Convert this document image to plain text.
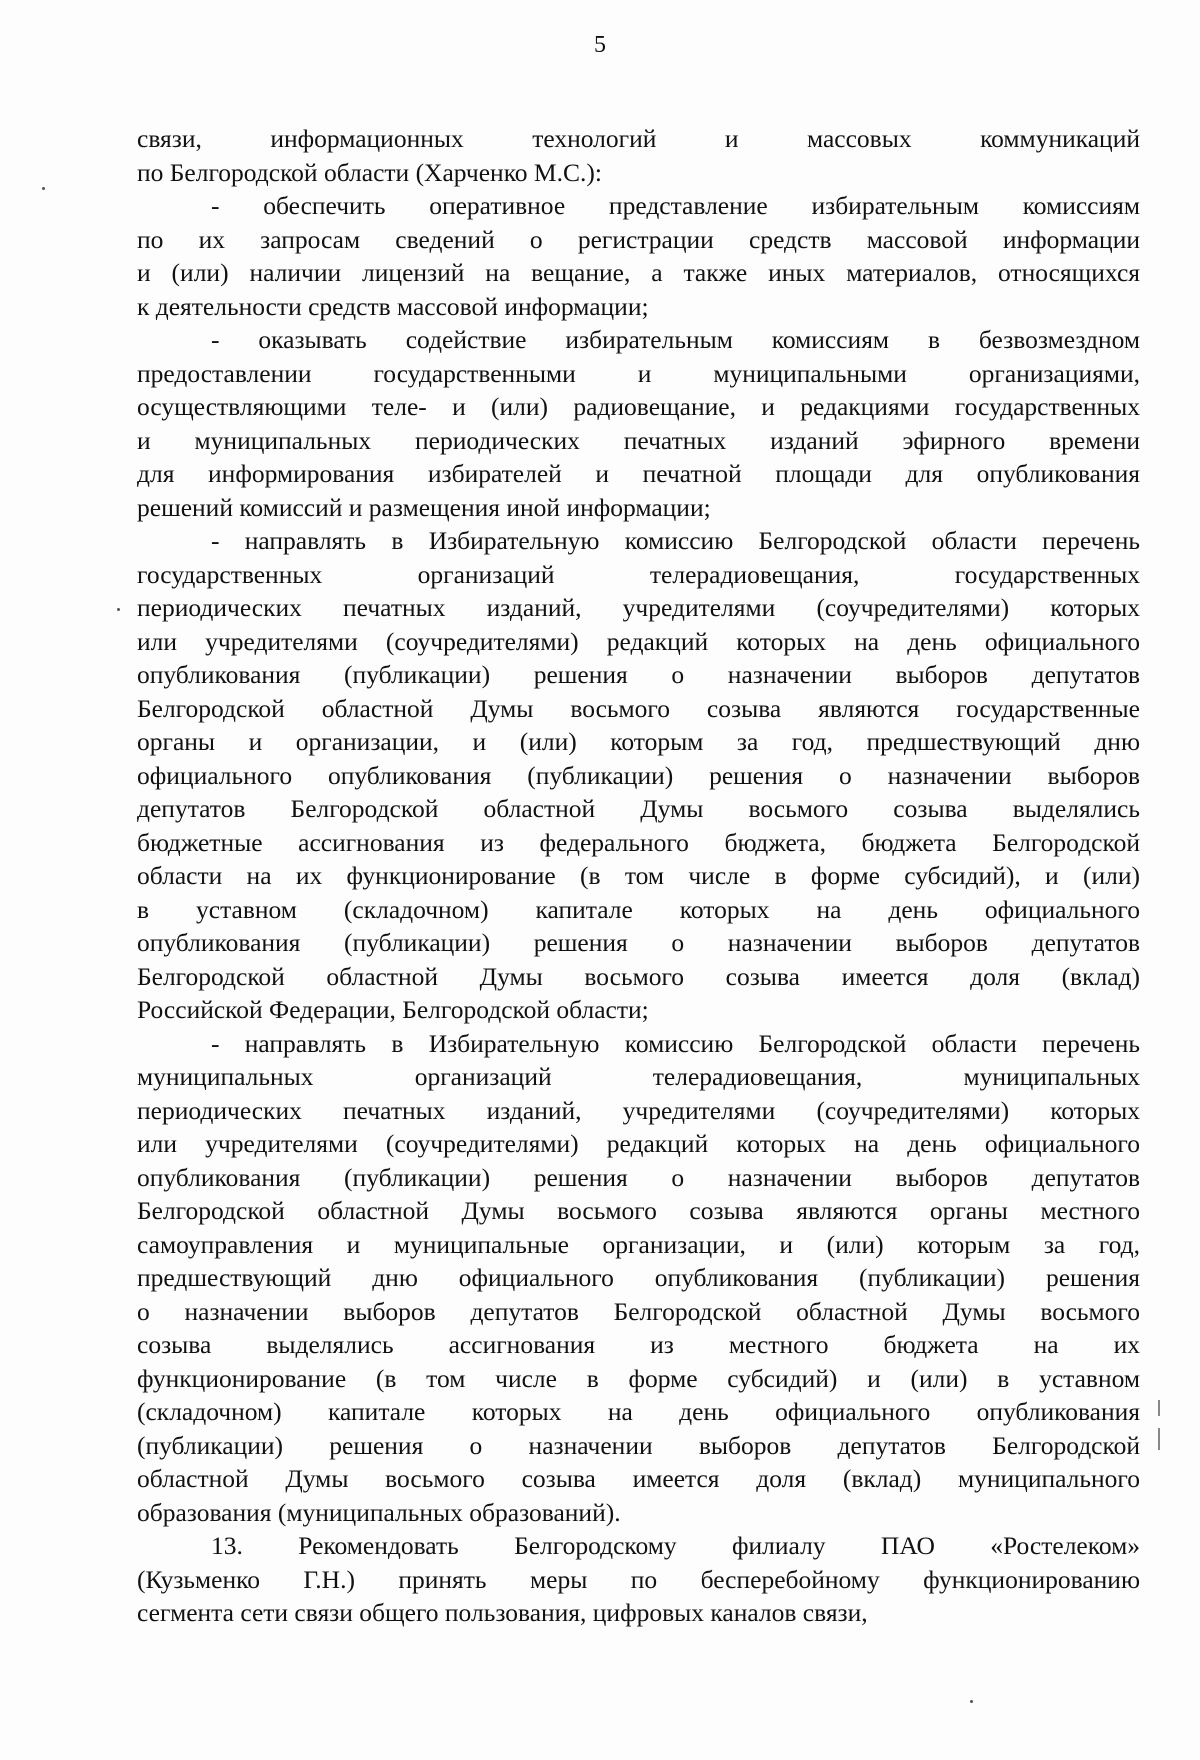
5
связи, информационных технологий и массовых коммуникаций
по Белгородской области (Харченко М.С.):
- обеспечить оперативное представление избирательным комиссиям
по их запросам сведений о регистрации средств массовой информации
и (или) наличии лицензий на вещание, а также иных материалов, относящихся
к деятельности средств массовой информации;
- оказывать содействие избирательным комиссиям в безвозмездном
предоставлении государственными и муниципальными организациями,
осуществляющими теле- и (или) радиовещание, и редакциями государственных
и муниципальных периодических печатных изданий эфирного времени
для информирования избирателей и печатной площади для опубликования
решений комиссий и размещения иной информации;
- направлять в Избирательную комиссию Белгородской области перечень
государственных организаций телерадиовещания, государственных
периодических печатных изданий, учредителями (соучредителями) которых
или учредителями (соучредителями) редакций которых на день официального
опубликования (публикации) решения о назначении выборов депутатов
Белгородской областной Думы восьмого созыва являются государственные
органы и организации, и (или) которым за год, предшествующий дню
официального опубликования (публикации) решения о назначении выборов
депутатов Белгородской областной Думы восьмого созыва выделялись
бюджетные ассигнования из федерального бюджета, бюджета Белгородской
области на их функционирование (в том числе в форме субсидий), и (или)
в уставном (складочном) капитале которых на день официального
опубликования (публикации) решения о назначении выборов депутатов
Белгородской областной Думы восьмого созыва имеется доля (вклад)
Российской Федерации, Белгородской области;
- направлять в Избирательную комиссию Белгородской области перечень
муниципальных организаций телерадиовещания, муниципальных
периодических печатных изданий, учредителями (соучредителями) которых
или учредителями (соучредителями) редакций которых на день официального
опубликования (публикации) решения о назначении выборов депутатов
Белгородской областной Думы восьмого созыва являются органы местного
самоуправления и муниципальные организации, и (или) которым за год,
предшествующий дню официального опубликования (публикации) решения
о назначении выборов депутатов Белгородской областной Думы восьмого
созыва выделялись ассигнования из местного бюджета на их
функционирование (в том числе в форме субсидий) и (или) в уставном
(складочном) капитале которых на день официального опубликования
(публикации) решения о назначении выборов депутатов Белгородской
областной Думы восьмого созыва имеется доля (вклад) муниципального
образования (муниципальных образований).
13. Рекомендовать Белгородскому филиалу ПАО «Ростелеком»
(Кузьменко Г.Н.) принять меры по бесперебойному функционированию
сегмента сети связи общего пользования, цифровых каналов связи,
